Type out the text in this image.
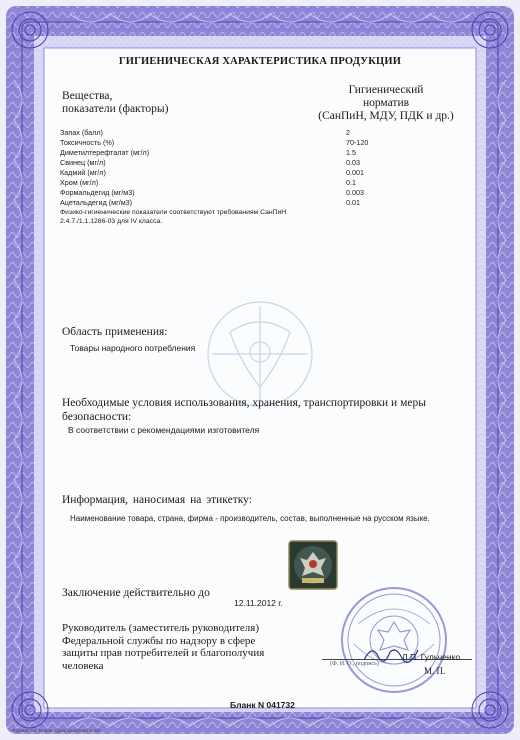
ГИГИЕНИЧЕСКАЯ ХАРАКТЕРИСТИКА ПРОДУКЦИИ
Вещества,
показатели (факторы)
Гигиенический
норматив
(СанПиН, МДУ, ПДК и др.)
Запах (балл)	2
Токсичность (%)	70-120
Диметилтерефталат (мг/л)	1.5
Свинец (мг/л)	0.03
Кадмий (мг/л)	0.001
Хром (мг/л)	0.1
Формальдегид (мг/м3)	0.003
Ацетальдегид (мг/м3)	0.01
Физико-гигиенические показатели соответствуют требованиям СанПиН
2.4.7./1.1.1286-03 для IV класса.
Область применения:
Товары народного потребления
Необходимые условия использования, хранения, транспортировки и меры
безопасности:
В соответствии с рекомендациями изготовителя
Информация, наносимая на этикетку:
Наименование товара, страна, фирма - производитель, состав, выполненные на русском языке.
Заключение действительно до
12.11.2012 г.
Руководитель (заместитель руководителя)
Федеральной службы по надзору в сфере
защиты прав потребителей и благополучия
человека	(Ф. И. О., подпись)
Л.П. Гульченко
М. П.
Бланк N 041732
Формат А4. Бланк. Срок хранения 5 лет.
